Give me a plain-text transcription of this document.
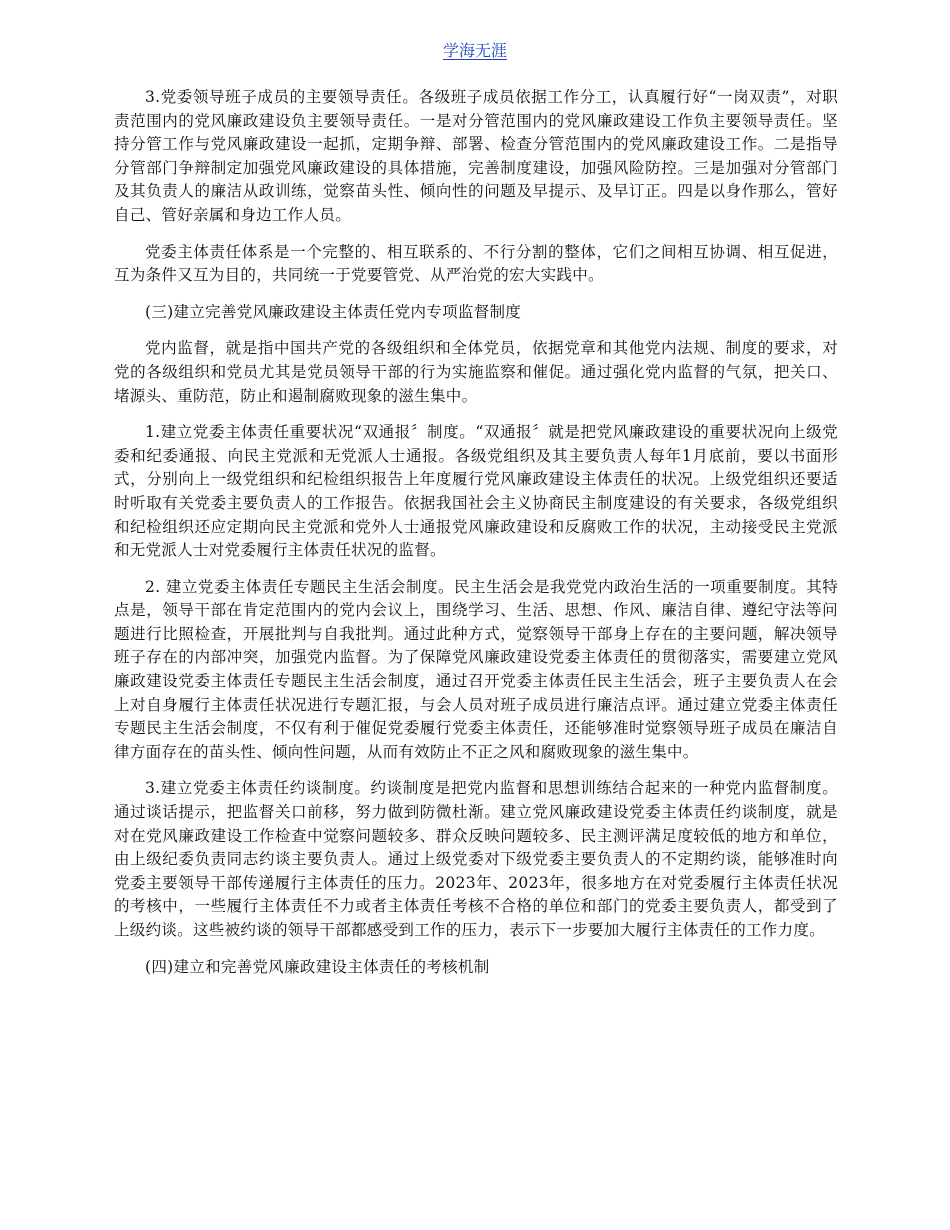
学海无涯

3.党委领导班子成员的主要领导责任。各级班子成员依据工作分工，认真履行好“一岗双责”，对职责范围内的党风廉政建设负主要领导责任。一是对分管范围内的党风廉政建设工作负主要领导责任。坚持分管工作与党风廉政建设一起抓，定期争辩、部署、检查分管范围内的党风廉政建设工作。二是指导分管部门争辩制定加强党风廉政建设的具体措施，完善制度建设，加强风险防控。三是加强对分管部门及其负责人的廉洁从政训练，觉察苗头性、倾向性的问题及早提示、及早订正。四是以身作那么，管好自己、管好亲属和身边工作人员。

党委主体责任体系是一个完整的、相互联系的、不行分割的整体，它们之间相互协调、相互促进，互为条件又互为目的，共同统一于党要管党、从严治党的宏大实践中。

(三)建立完善党风廉政建设主体责任党内专项监督制度

党内监督，就是指中国共产党的各级组织和全体党员，依据党章和其他党内法规、制度的要求，对党的各级组织和党员尤其是党员领导干部的行为实施监察和催促。通过强化党内监督的气氛，把关口、堵源头、重防范，防止和遏制腐败现象的滋生集中。

1.建立党委主体责任重要状况“双通报〞制度。“双通报〞就是把党风廉政建设的重要状况向上级党委和纪委通报、向民主党派和无党派人士通报。各级党组织及其主要负责人每年1月底前，要以书面形式，分别向上一级党组织和纪检组织报告上年度履行党风廉政建设主体责任的状况。上级党组织还要适时听取有关党委主要负责人的工作报告。依据我国社会主义协商民主制度建设的有关要求，各级党组织和纪检组织还应定期向民主党派和党外人士通报党风廉政建设和反腐败工作的状况，主动接受民主党派和无党派人士对党委履行主体责任状况的监督。

2. 建立党委主体责任专题民主生活会制度。民主生活会是我党党内政治生活的一项重要制度。其特点是，领导干部在肯定范围内的党内会议上，围绕学习、生活、思想、作风、廉洁自律、遵纪守法等问题进行比照检查，开展批判与自我批判。通过此种方式，觉察领导干部身上存在的主要问题，解决领导班子存在的内部冲突，加强党内监督。为了保障党风廉政建设党委主体责任的贯彻落实，需要建立党风廉政建设党委主体责任专题民主生活会制度，通过召开党委主体责任民主生活会，班子主要负责人在会上对自身履行主体责任状况进行专题汇报，与会人员对班子成员进行廉洁点评。通过建立党委主体责任专题民主生活会制度，不仅有利于催促党委履行党委主体责任，还能够准时觉察领导班子成员在廉洁自律方面存在的苗头性、倾向性问题，从而有效防止不正之风和腐败现象的滋生集中。

3.建立党委主体责任约谈制度。约谈制度是把党内监督和思想训练结合起来的一种党内监督制度。通过谈话提示，把监督关口前移，努力做到防微杜渐。建立党风廉政建设党委主体责任约谈制度，就是对在党风廉政建设工作检查中觉察问题较多、群众反映问题较多、民主测评满足度较低的地方和单位，由上级纪委负责同志约谈主要负责人。通过上级党委对下级党委主要负责人的不定期约谈，能够准时向党委主要领导干部传递履行主体责任的压力。2023年、2023年，很多地方在对党委履行主体责任状况的考核中，一些履行主体责任不力或者主体责任考核不合格的单位和部门的党委主要负责人，都受到了上级约谈。这些被约谈的领导干部都感受到工作的压力，表示下一步要加大履行主体责任的工作力度。

(四)建立和完善党风廉政建设主体责任的考核机制
